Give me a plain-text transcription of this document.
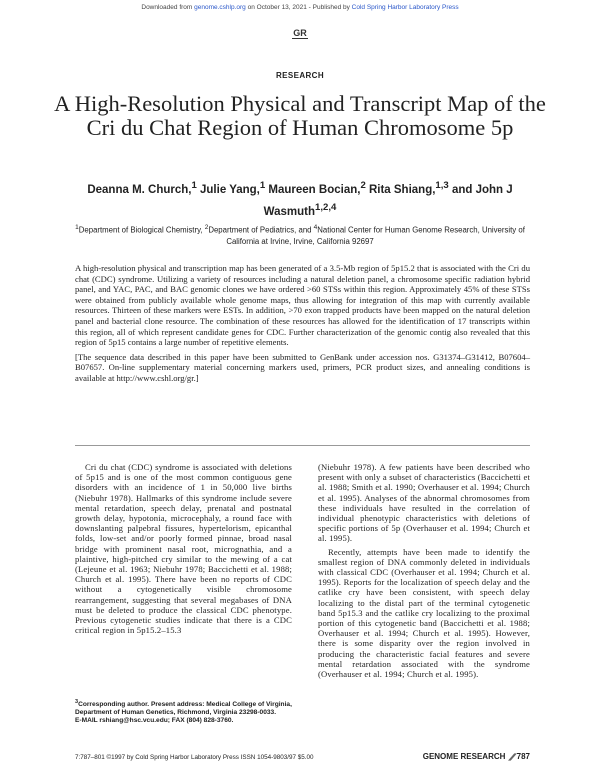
Downloaded from genome.cshlp.org on October 13, 2021 - Published by Cold Spring Harbor Laboratory Press
GR
RESEARCH
A High-Resolution Physical and Transcript Map of the Cri du Chat Region of Human Chromosome 5p
Deanna M. Church,$^1$ Julie Yang,$^1$ Maureen Bocian,$^2$ Rita Shiang,$^{1,3}$ and John J Wasmuth$^{1,2,4}$
$^1$Department of Biological Chemistry, $^2$Department of Pediatrics, and $^4$National Center for Human Genome Research, University of California at Irvine, Irvine, California 92697

A high-resolution physical and transcription map has been generated of a 3.5-Mb region of 5p15.2 that is associated with the Cri du chat (CDC) syndrome. Utilizing a variety of resources including a natural deletion panel, a chromosome specific radiation hybrid panel, and YAC, PAC, and BAC genomic clones we have ordered >60 STSs within this region. Approximately 45% of these STSs were obtained from publicly available whole genome maps, thus allowing for integration of this map with currently available resources. Thirteen of these markers were ESTs. In addition, >70 exon trapped products have been mapped on the natural deletion panel and bacterial clone resource. The combination of these resources has allowed for the identification of 17 transcripts within this region, all of which represent candidate genes for CDC. Further characterization of the genomic contig also revealed that this region of 5p15 contains a large number of repetitive elements.

[The sequence data described in this paper have been submitted to GenBank under accession nos. G31374–G31412, B07604–B07657. On-line supplementary material concerning markers used, primers, PCR product sizes, and annealing conditions is available at http://www.cshl.org/gr.]

Cri du chat (CDC) syndrome is associated with deletions of 5p15 and is one of the most common contiguous gene disorders with an incidence of 1 in 50,000 live births (Niebuhr 1978). Hallmarks of this syndrome include severe mental retardation, speech delay, prenatal and postnatal growth delay, hypotonia, microcephaly, a round face with downslanting palpebral fissures, hypertelorism, epicanthal folds, low-set and/or poorly formed pinnae, broad nasal bridge with prominent nasal root, micrognathia, and a plaintive, high-pitched cry similar to the mewing of a cat (Lejeune et al. 1963; Niebuhr 1978; Baccichetti et al. 1988; Church et al. 1995). There have been no reports of CDC without a cytogenetically visible chromosome rearrangement, suggesting that several megabases of DNA must be deleted to produce the classical CDC phenotype. Previous cytogenetic studies indicate that there is a CDC critical region in 5p15.2–15.3

(Niebuhr 1978). A few patients have been described who present with only a subset of characteristics (Baccichetti et al. 1988; Smith et al. 1990; Overhauser et al. 1994; Church et al. 1995). Analyses of the abnormal chromosomes from these individuals have resulted in the correlation of individual phenotypic characteristics with deletions of specific portions of 5p (Overhauser et al. 1994; Church et al. 1995).

Recently, attempts have been made to identify the smallest region of DNA commonly deleted in individuals with classical CDC (Overhauser et al. 1994; Church et al. 1995). Reports for the localization of speech delay and the catlike cry have been consistent, with speech delay localizing to the distal part of the terminal cytogenetic band 5p15.3 and the catlike cry localizing to the proximal portion of this cytogenetic band (Baccichetti et al. 1988; Overhauser et al. 1994; Church et al. 1995). However, there is some disparity over the region involved in producing the characteristic facial features and severe mental retardation associated with the syndrome (Overhauser et al. 1994; Church et al. 1995).

$^3$Corresponding author. Present address: Medical College of Virginia, Department of Human Genetics, Richmond, Virginia 23298-0033.

E-MAIL rshiang@hsc.vcu.edu; FAX (804) 828-3760.

7:787–801 ©1997 by Cold Spring Harbor Laboratory Press ISSN 1054-9803/97 $5.00	GENOME RESEARCH 787
